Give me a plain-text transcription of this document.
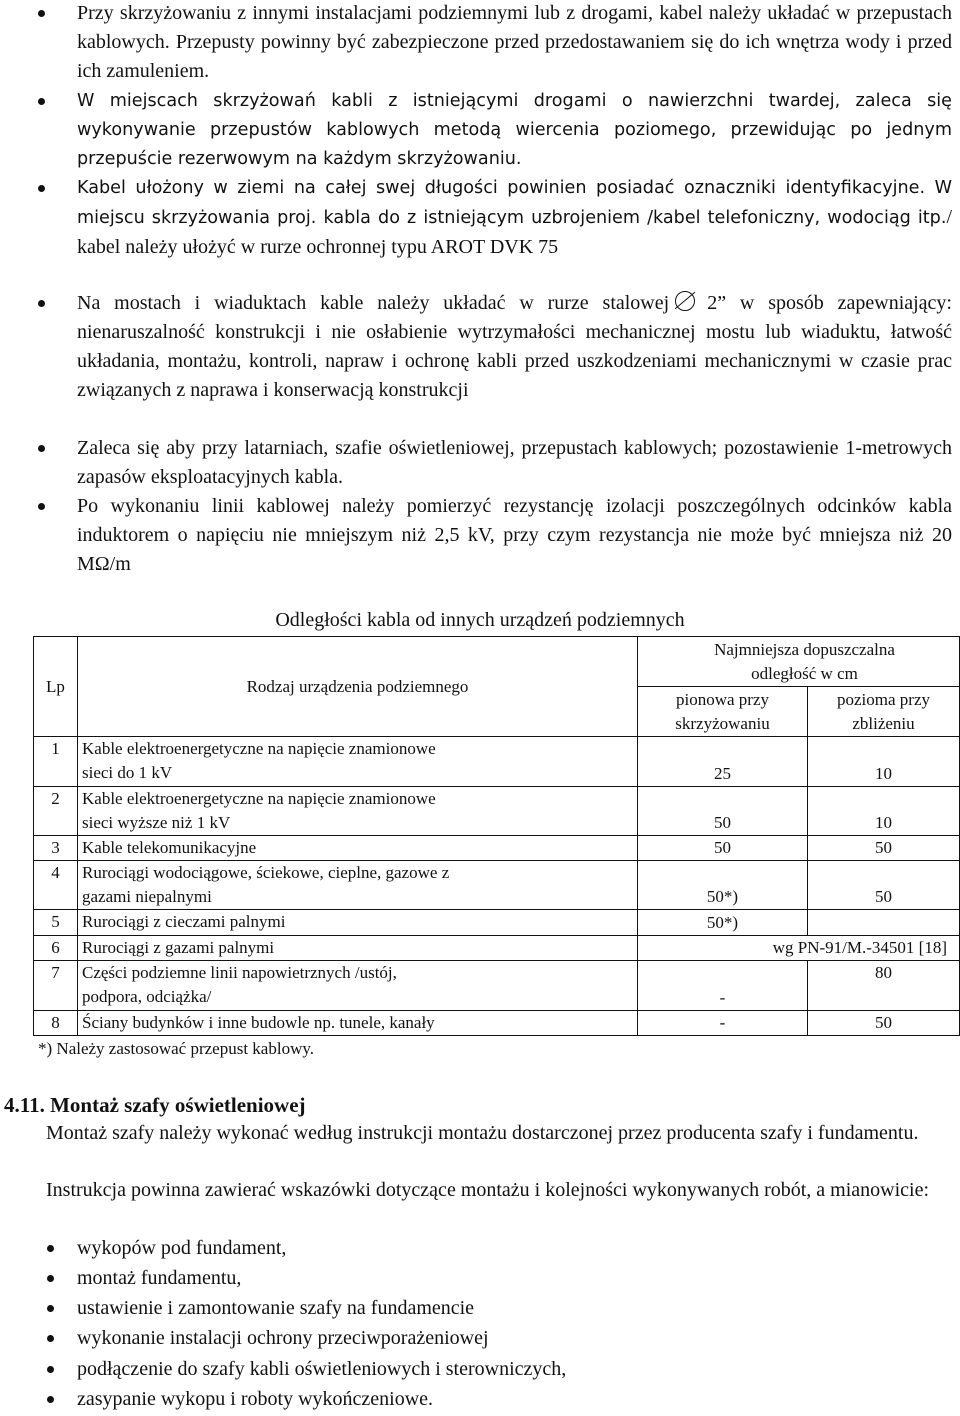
Przy skrzyżowaniu z innymi instalacjami podziemnymi lub z drogami, kabel należy układać w przepustach kablowych. Przepusty powinny być zabezpieczone przed przedostawaniem się do ich wnętrza wody i przed ich zamuleniem.

W miejscach skrzyżowań kabli z istniejącymi drogami o nawierzchni twardej, zaleca się wykonywanie przepustów kablowych metodą wiercenia poziomego, przewidując po jednym przepuście rezerwowym na każdym skrzyżowaniu.

Kabel ułożony w ziemi na całej swej długości powinien posiadać oznaczniki identyfikacyjne. W miejscu skrzyżowania proj. kabla do z istniejącym uzbrojeniem /kabel telefoniczny, wodociąg itp./ kabel należy ułożyć w rurze ochronnej typu AROT DVK 75

Na mostach i wiaduktach kable należy układać w rurze stalowej 2” w sposób zapewniający: nienaruszalność konstrukcji i nie osłabienie wytrzymałości mechanicznej mostu lub wiaduktu, łatwość układania, montażu, kontroli, napraw i ochronę kabli przed uszkodzeniami mechanicznymi w czasie prac związanych z naprawa i konserwacją konstrukcji

Zaleca się aby przy latarniach, szafie oświetleniowej, przepustach kablowych; pozostawienie 1-metrowych zapasów eksploatacyjnych kabla.

Po wykonaniu linii kablowej należy pomierzyć rezystancję izolacji poszczególnych odcinków kabla induktorem o napięciu nie mniejszym niż 2,5 kV, przy czym rezystancja nie może być mniejsza niż 20 MΩ/m

Odległości kabla od innych urządzeń podziemnych

Lp	Rodzaj urządzenia podziemnego	Najmniejsza dopuszczalna odległość w cm	
		pionowa przy skrzyżowaniu	pozioma przy zbliżeniu
1	Kable elektroenergetyczne na napięcie znamionowe sieci do 1 kV	25	10
2	Kable elektroenergetyczne na napięcie znamionowe sieci wyższe niż 1 kV	50	10
3	Kable telekomunikacyjne	50	50
4	Rurociągi wodociągowe, ściekowe, cieplne, gazowe z gazami niepalnymi	50*)	50
5	Rurociągi z cieczami palnymi	50*)	
6	Rurociągi z gazami palnymi	wg PN-91/M.-34501 [18]	
7	Części podziemne linii napowietrznych /ustój, podpora, odciążka/	-	80
8	Ściany budynków i inne budowle np. tunele, kanały	-	50

*) Należy zastosować przepust kablowy.

4.11. Montaż szafy oświetleniowej

Montaż szafy należy wykonać według instrukcji montażu dostarczonej przez producenta szafy i fundamentu.

Instrukcja powinna zawierać wskazówki dotyczące montażu i kolejności wykonywanych robót, a mianowicie:

wykopów pod fundament,

montaż fundamentu,

ustawienie i zamontowanie szafy na fundamencie

wykonanie instalacji ochrony przeciwporażeniowej

podłączenie do szafy kabli oświetleniowych i sterowniczych,

zasypanie wykopu i roboty wykończeniowe.
